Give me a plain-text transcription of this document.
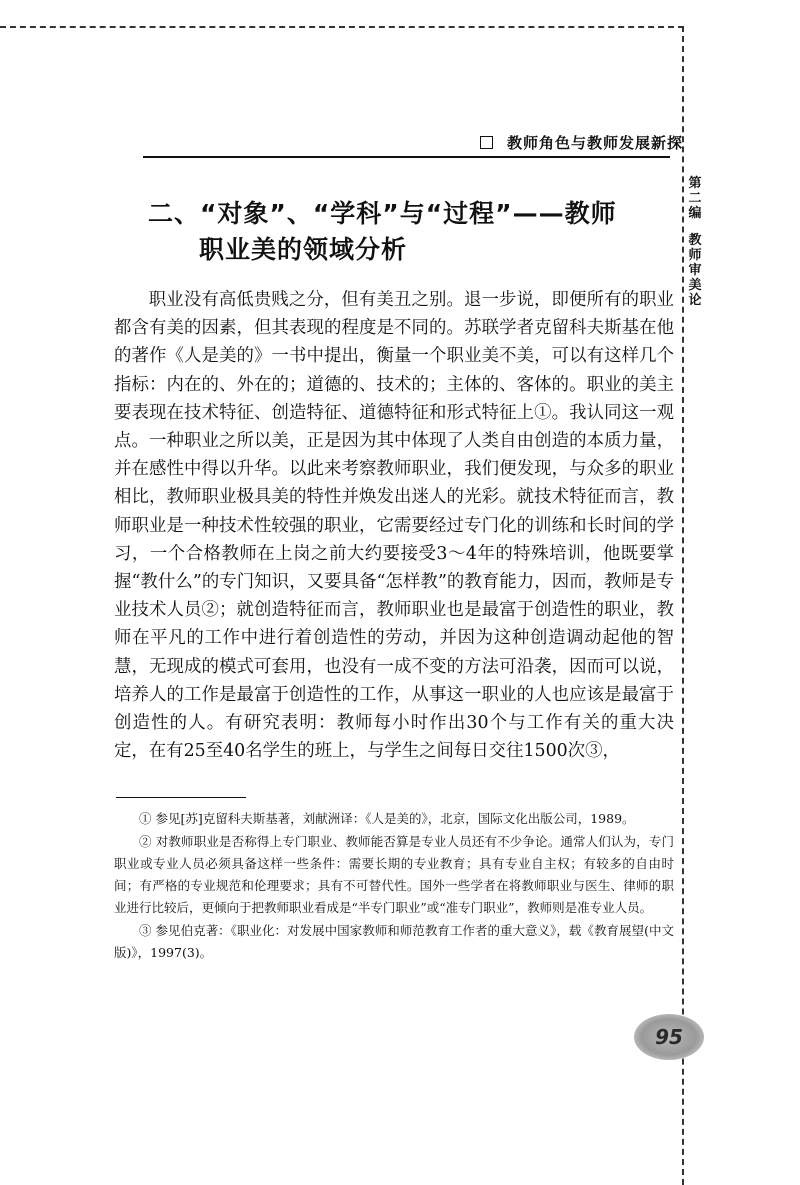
教师角色与教师发展新探
第
二
编
教
师
审
美
论
二、“对象”、“学科”与“过程”——教师
职业美的领域分析

职业没有高低贵贱之分，但有美丑之别。退一步说，即便所有的职业都含有美的因素，但其表现的程度是不同的。苏联学者克留科夫斯基在他的著作《人是美的》一书中提出，衡量一个职业美不美，可以有这样几个指标：内在的、外在的；道德的、技术的；主体的、客体的。职业的美主要表现在技术特征、创造特征、道德特征和形式特征上①。我认同这一观点。一种职业之所以美，正是因为其中体现了人类自由创造的本质力量，并在感性中得以升华。以此来考察教师职业，我们便发现，与众多的职业相比，教师职业极具美的特性并焕发出迷人的光彩。就技术特征而言，教师职业是一种技术性较强的职业，它需要经过专门化的训练和长时间的学习，一个合格教师在上岗之前大约要接受3～4年的特殊培训，他既要掌握“教什么”的专门知识，又要具备“怎样教”的教育能力，因而，教师是专业技术人员②；就创造特征而言，教师职业也是最富于创造性的职业，教师在平凡的工作中进行着创造性的劳动，并因为这种创造调动起他的智慧，无现成的模式可套用，也没有一成不变的方法可沿袭，因而可以说，培养人的工作是最富于创造性的工作，从事这一职业的人也应该是最富于创造性的人。有研究表明：教师每小时作出30个与工作有关的重大决定，在有25至40名学生的班上，与学生之间每日交往1500次③，

① 参见[苏]克留科夫斯基著，刘献洲译：《人是美的》，北京，国际文化出版公司，1989。

② 对教师职业是否称得上专门职业、教师能否算是专业人员还有不少争论。通常人们认为，专门职业或专业人员必须具备这样一些条件：需要长期的专业教育；具有专业自主权；有较多的自由时间；有严格的专业规范和伦理要求；具有不可替代性。国外一些学者在将教师职业与医生、律师的职业进行比较后，更倾向于把教师职业看成是“半专门职业”或“准专门职业”，教师则是准专业人员。

③ 参见伯克著：《职业化：对发展中国家教师和师范教育工作者的重大意义》，载《教育展望(中文版)》，1997(3)。

95
